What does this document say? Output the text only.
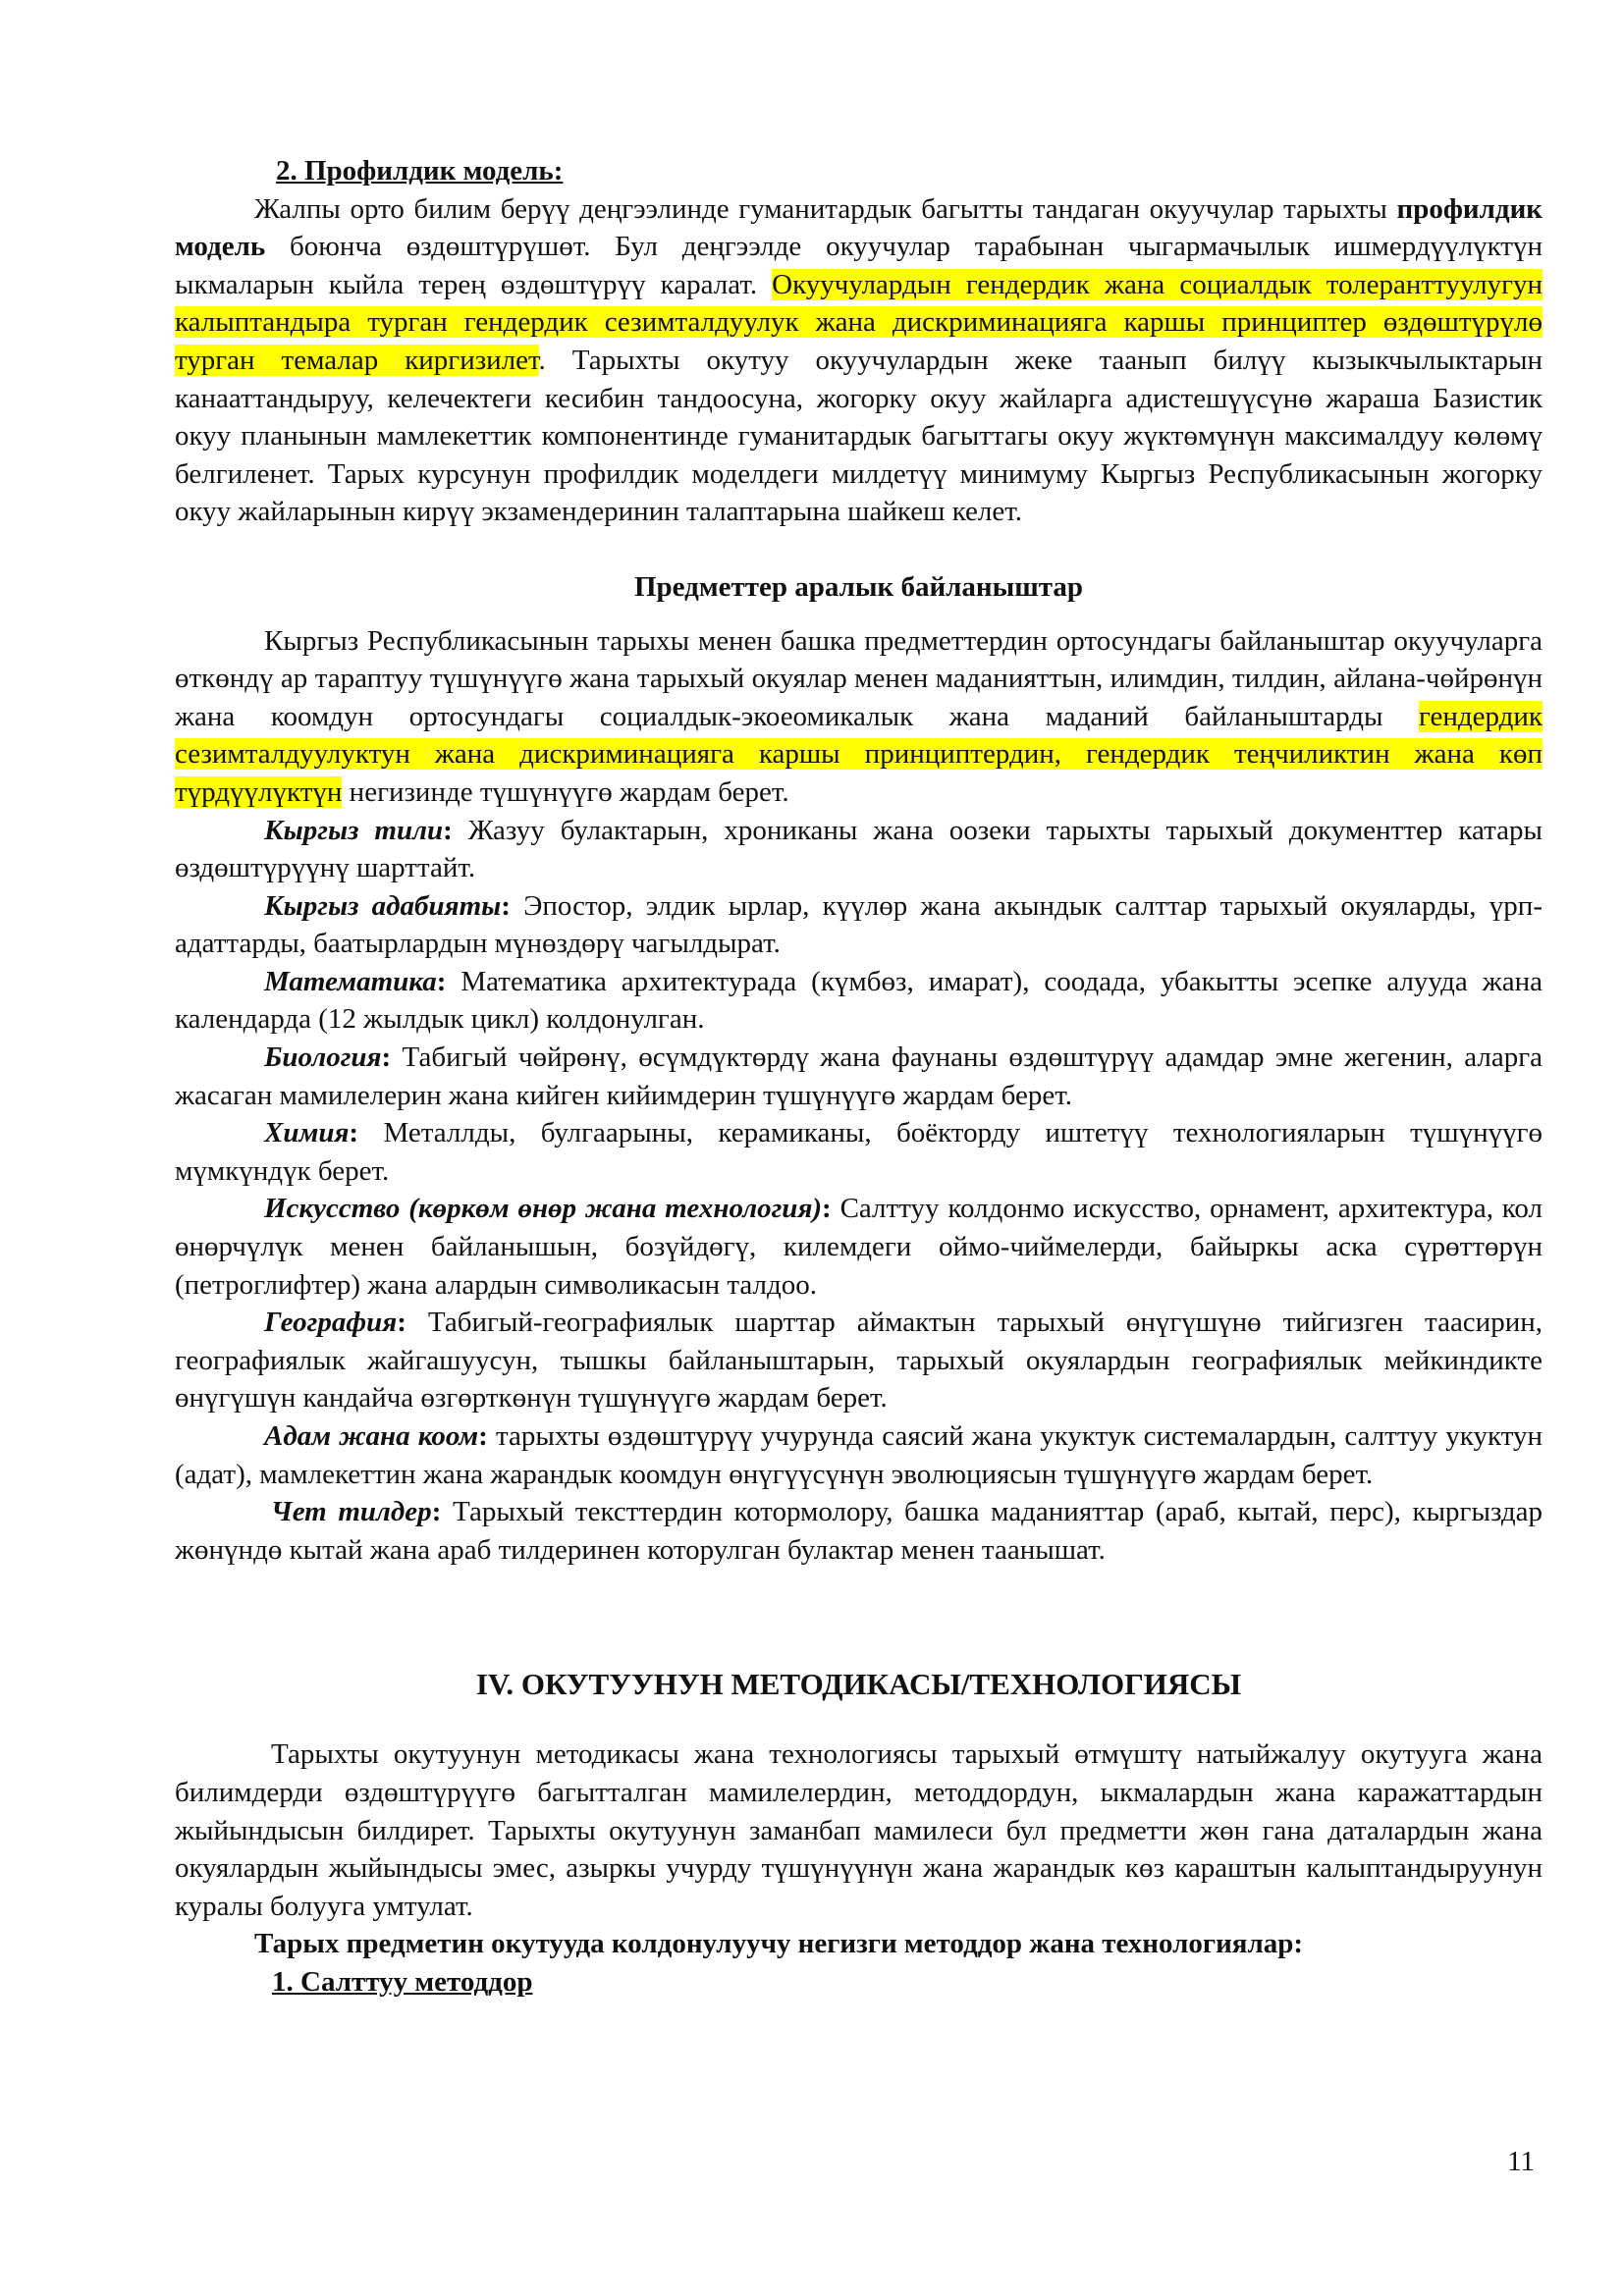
2. Профилдик модель:

Жалпы орто билим берүү деңгээлинде гуманитардык багытты тандаган окуучулар тарыхты профилдик модель боюнча өздөштүрүшөт. Бул деңгээлде окуучулар тарабынан чыгармачылык ишмердүүлүктүн ыкмаларын кыйла терең өздөштүрүү каралат. Окуучулардын гендердик жана социалдык толеранттуулугун калыптандыра турган гендердик сезимталдуулук жана дискриминацияга каршы принциптер өздөштүрүлө турган темалар киргизилет. Тарыхты окутуу окуучулардын жеке таанып билүү кызыкчылыктарын канааттандыруу, келечектеги кесибин тандоосуна, жогорку окуу жайларга адистешүүсүнө жараша Базистик окуу планынын мамлекеттик компонентинде гуманитардык багыттагы окуу жүктөмүнүн максималдуу көлөмү белгиленет. Тарых курсунун профилдик моделдеги милдетүү минимуму Кыргыз Республикасынын жогорку окуу жайларынын кирүү экзамендеринин талаптарына шайкеш келет.

Предметтер аралык байланыштар

Кыргыз Республикасынын тарыхы менен башка предметтердин ортосундагы байланыштар окуучуларга өткөндү ар тараптуу түшүнүүгө жана тарыхый окуялар менен маданияттын, илимдин, тилдин, айлана-чөйрөнүн жана коомдун ортосундагы социалдык-экоеомикалык жана маданий байланыштарды гендердик сезимталдуулуктун жана дискриминацияга каршы принциптердин, гендердик теңчиликтин жана көп түрдүүлүктүн негизинде түшүнүүгө жардам берет.

Кыргыз тили: Жазуу булактарын, хрониканы жана оозеки тарыхты тарыхый документтер катары өздөштүрүүнү шарттайт.

Кыргыз адабияты: Эпостор, элдик ырлар, күүлөр жана акындык салттар тарыхый окуяларды, үрп-адаттарды, баатырлардын мүнөздөрү чагылдырат.

Математика: Математика архитектурада (күмбөз, имарат), соодада, убакытты эсепке алууда жана календарда (12 жылдык цикл) колдонулган.

Биология: Табигый чөйрөнү, өсүмдүктөрдү жана фаунаны өздөштүрүү адамдар эмне жегенин, аларга жасаган мамилелерин жана кийген кийимдерин түшүнүүгө жардам берет.

Химия: Металлды, булгаарыны, керамиканы, боёкторду иштетүү технологияларын түшүнүүгө мүмкүндүк берет.

Искусство (көркөм өнөр жана технология): Салттуу колдонмо искусство, орнамент, архитектура, кол өнөрчүлүк менен байланышын, бозүйдөгү, килемдеги оймо-чиймелерди, байыркы аска сүрөттөрүн (петроглифтер) жана алардын символикасын талдоо.

География: Табигый-географиялык шарттар аймактын тарыхый өнүгүшүнө тийгизген таасирин, географиялык жайгашуусун, тышкы байланыштарын, тарыхый окуялардын географиялык мейкиндикте өнүгүшүн кандайча өзгөрткөнүн түшүнүүгө жардам берет.

Адам жана коом: тарыхты өздөштүрүү учурунда саясий жана укуктук системалардын, салттуу укуктун (адат), мамлекеттин жана жарандык коомдун өнүгүүсүнүн эволюциясын түшүнүүгө жардам берет.

Чет тилдер: Тарыхый тексттердин котормолору, башка маданияттар (араб, кытай, перс), кыргыздар жөнүндө кытай жана араб тилдеринен которулган булактар менен таанышат.

IV. ОКУТУУНУН МЕТОДИКАСЫ/ТЕХНОЛОГИЯСЫ

Тарыхты окутуунун методикасы жана технологиясы тарыхый өтмүштү натыйжалуу окутууга жана билимдерди өздөштүрүүгө багытталган мамилелердин, методдордун, ыкмалардын жана каражаттардын жыйындысын билдирет. Тарыхты окутуунун заманбап мамилеси бул предметти жөн гана даталардын жана окуялардын жыйындысы эмес, азыркы учурду түшүнүүнүн жана жарандык көз караштын калыптандыруунун куралы болууга умтулат.

Тарых предметин окутууда колдонулуучу негизги методдор жана технологиялар:

1. Салттуу методдор

11
